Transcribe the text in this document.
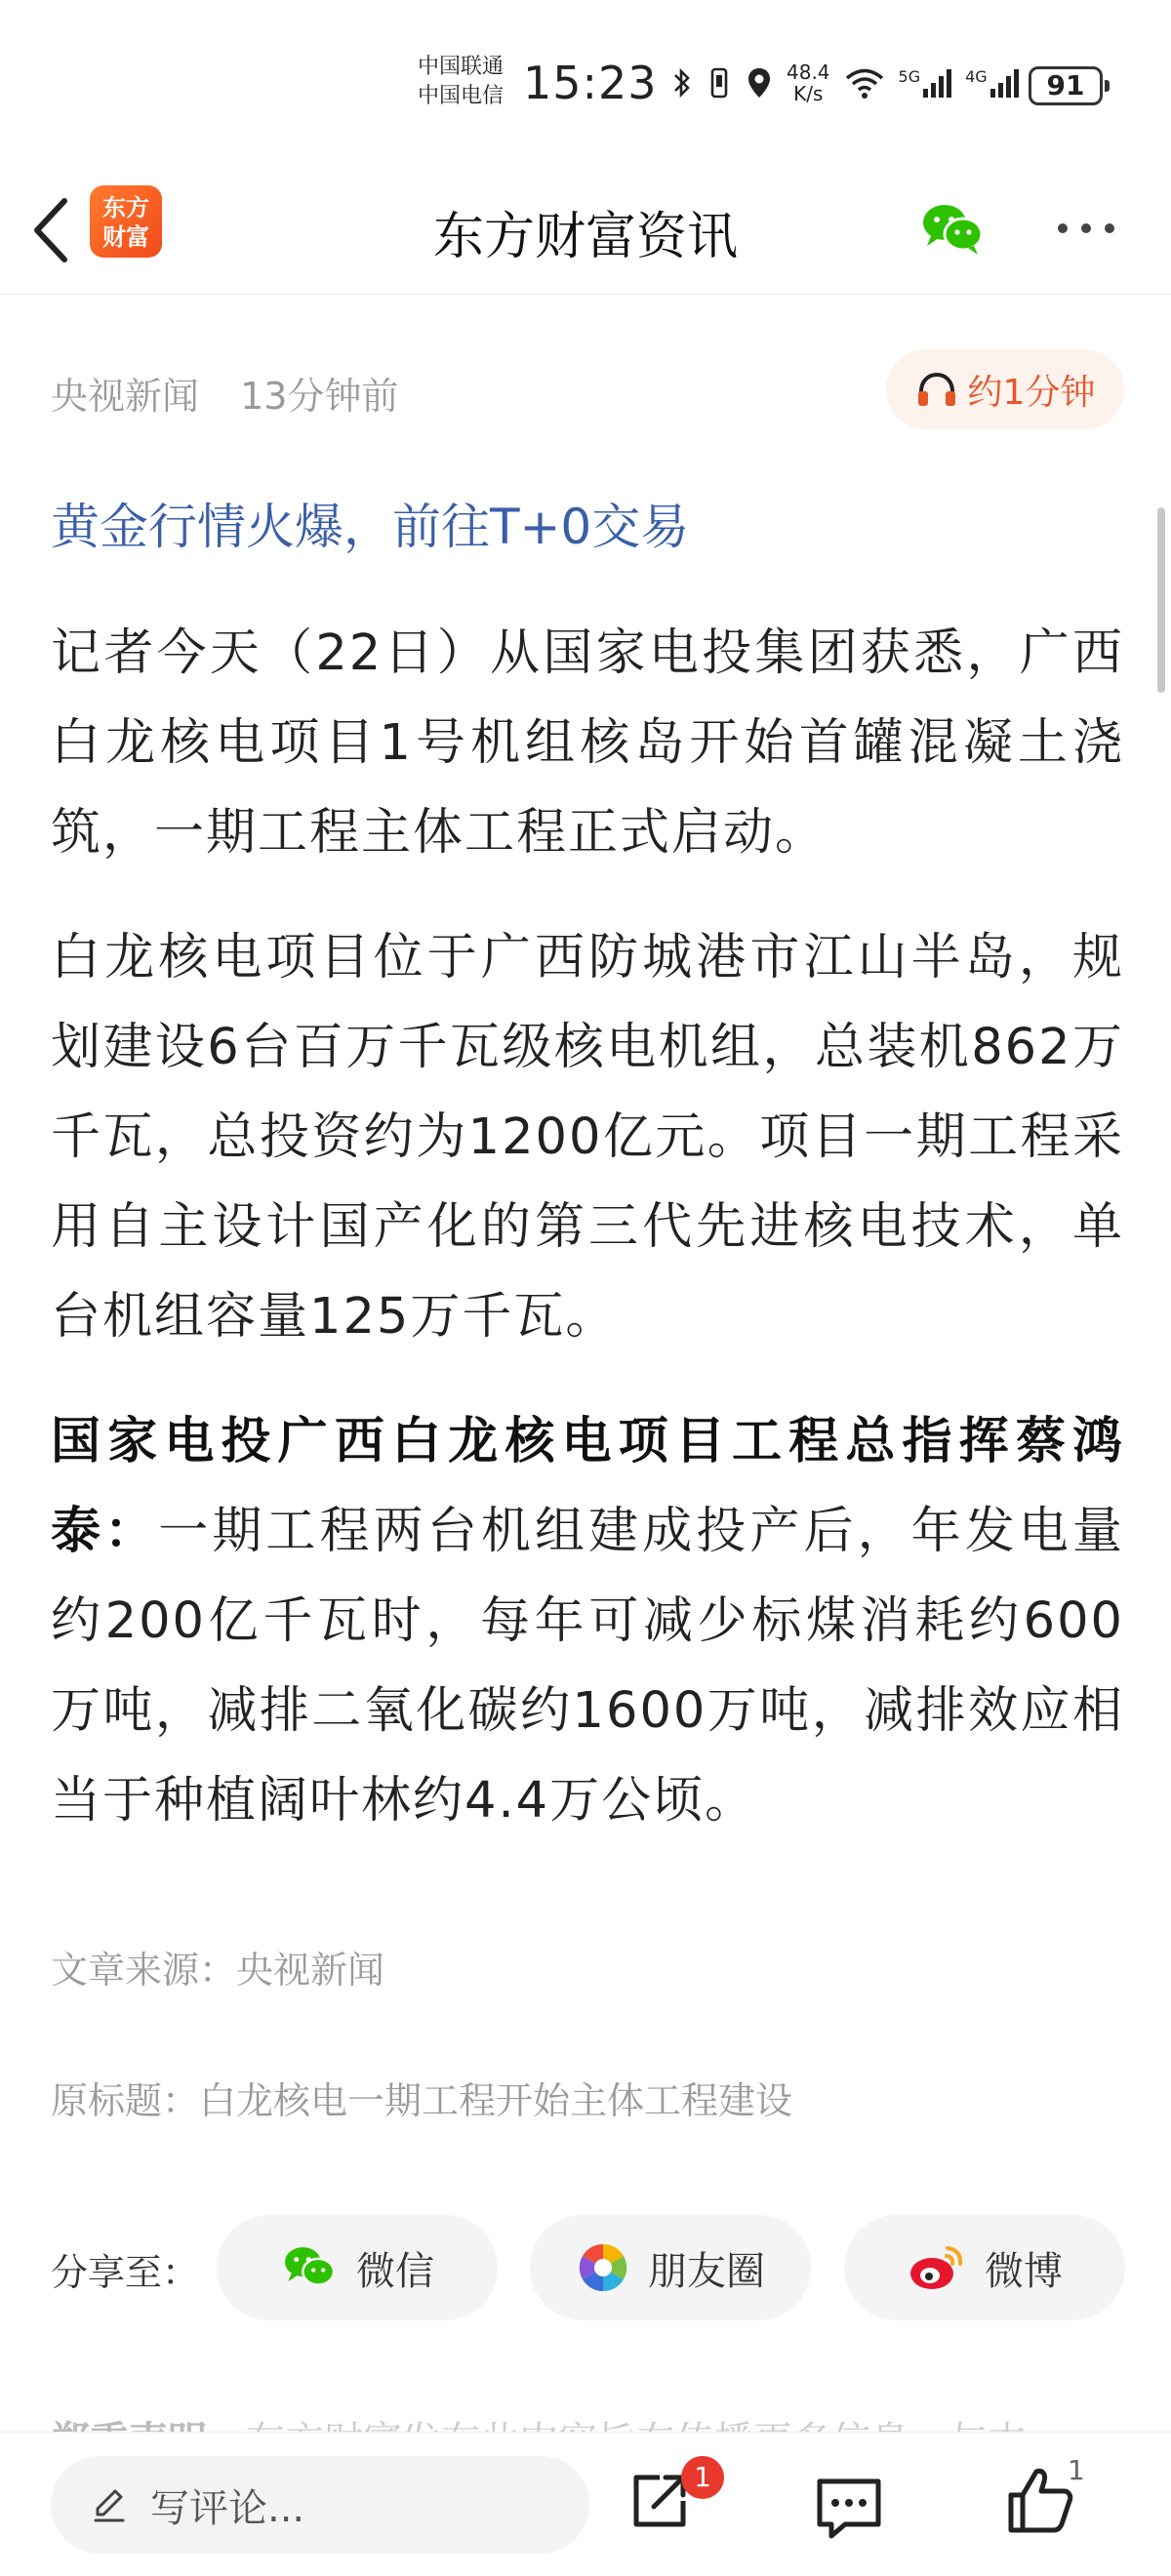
中国联通
中国电信 15:23	48.4
K/s
5G	4G	91
东方
财富	东方财富资讯
央视新闻 13分钟前	约1分钟
黄金行情火爆，前往T+0交易

记者今天（22日）从国家电投集团获悉，广西白龙核电项目1号机组核岛开始首罐混凝土浇筑，一期工程主体工程正式启动。

白龙核电项目位于广西防城港市江山半岛，规划建设6台百万千瓦级核电机组，总装机862万千瓦，总投资约为1200亿元。项目一期工程采用自主设计国产化的第三代先进核电技术，单台机组容量125万千瓦。

国家电投广西白龙核电项目工程总指挥蔡鸿泰：一期工程两台机组建成投产后，年发电量约200亿千瓦时，每年可减少标煤消耗约600万吨，减排二氧化碳约1600万吨，减排效应相当于种植阔叶林约4.4万公顷。

文章来源：央视新闻
原标题：白龙核电一期工程开始主体工程建设
分享至：	微信	朋友圈	微博
写评论...
1	1
